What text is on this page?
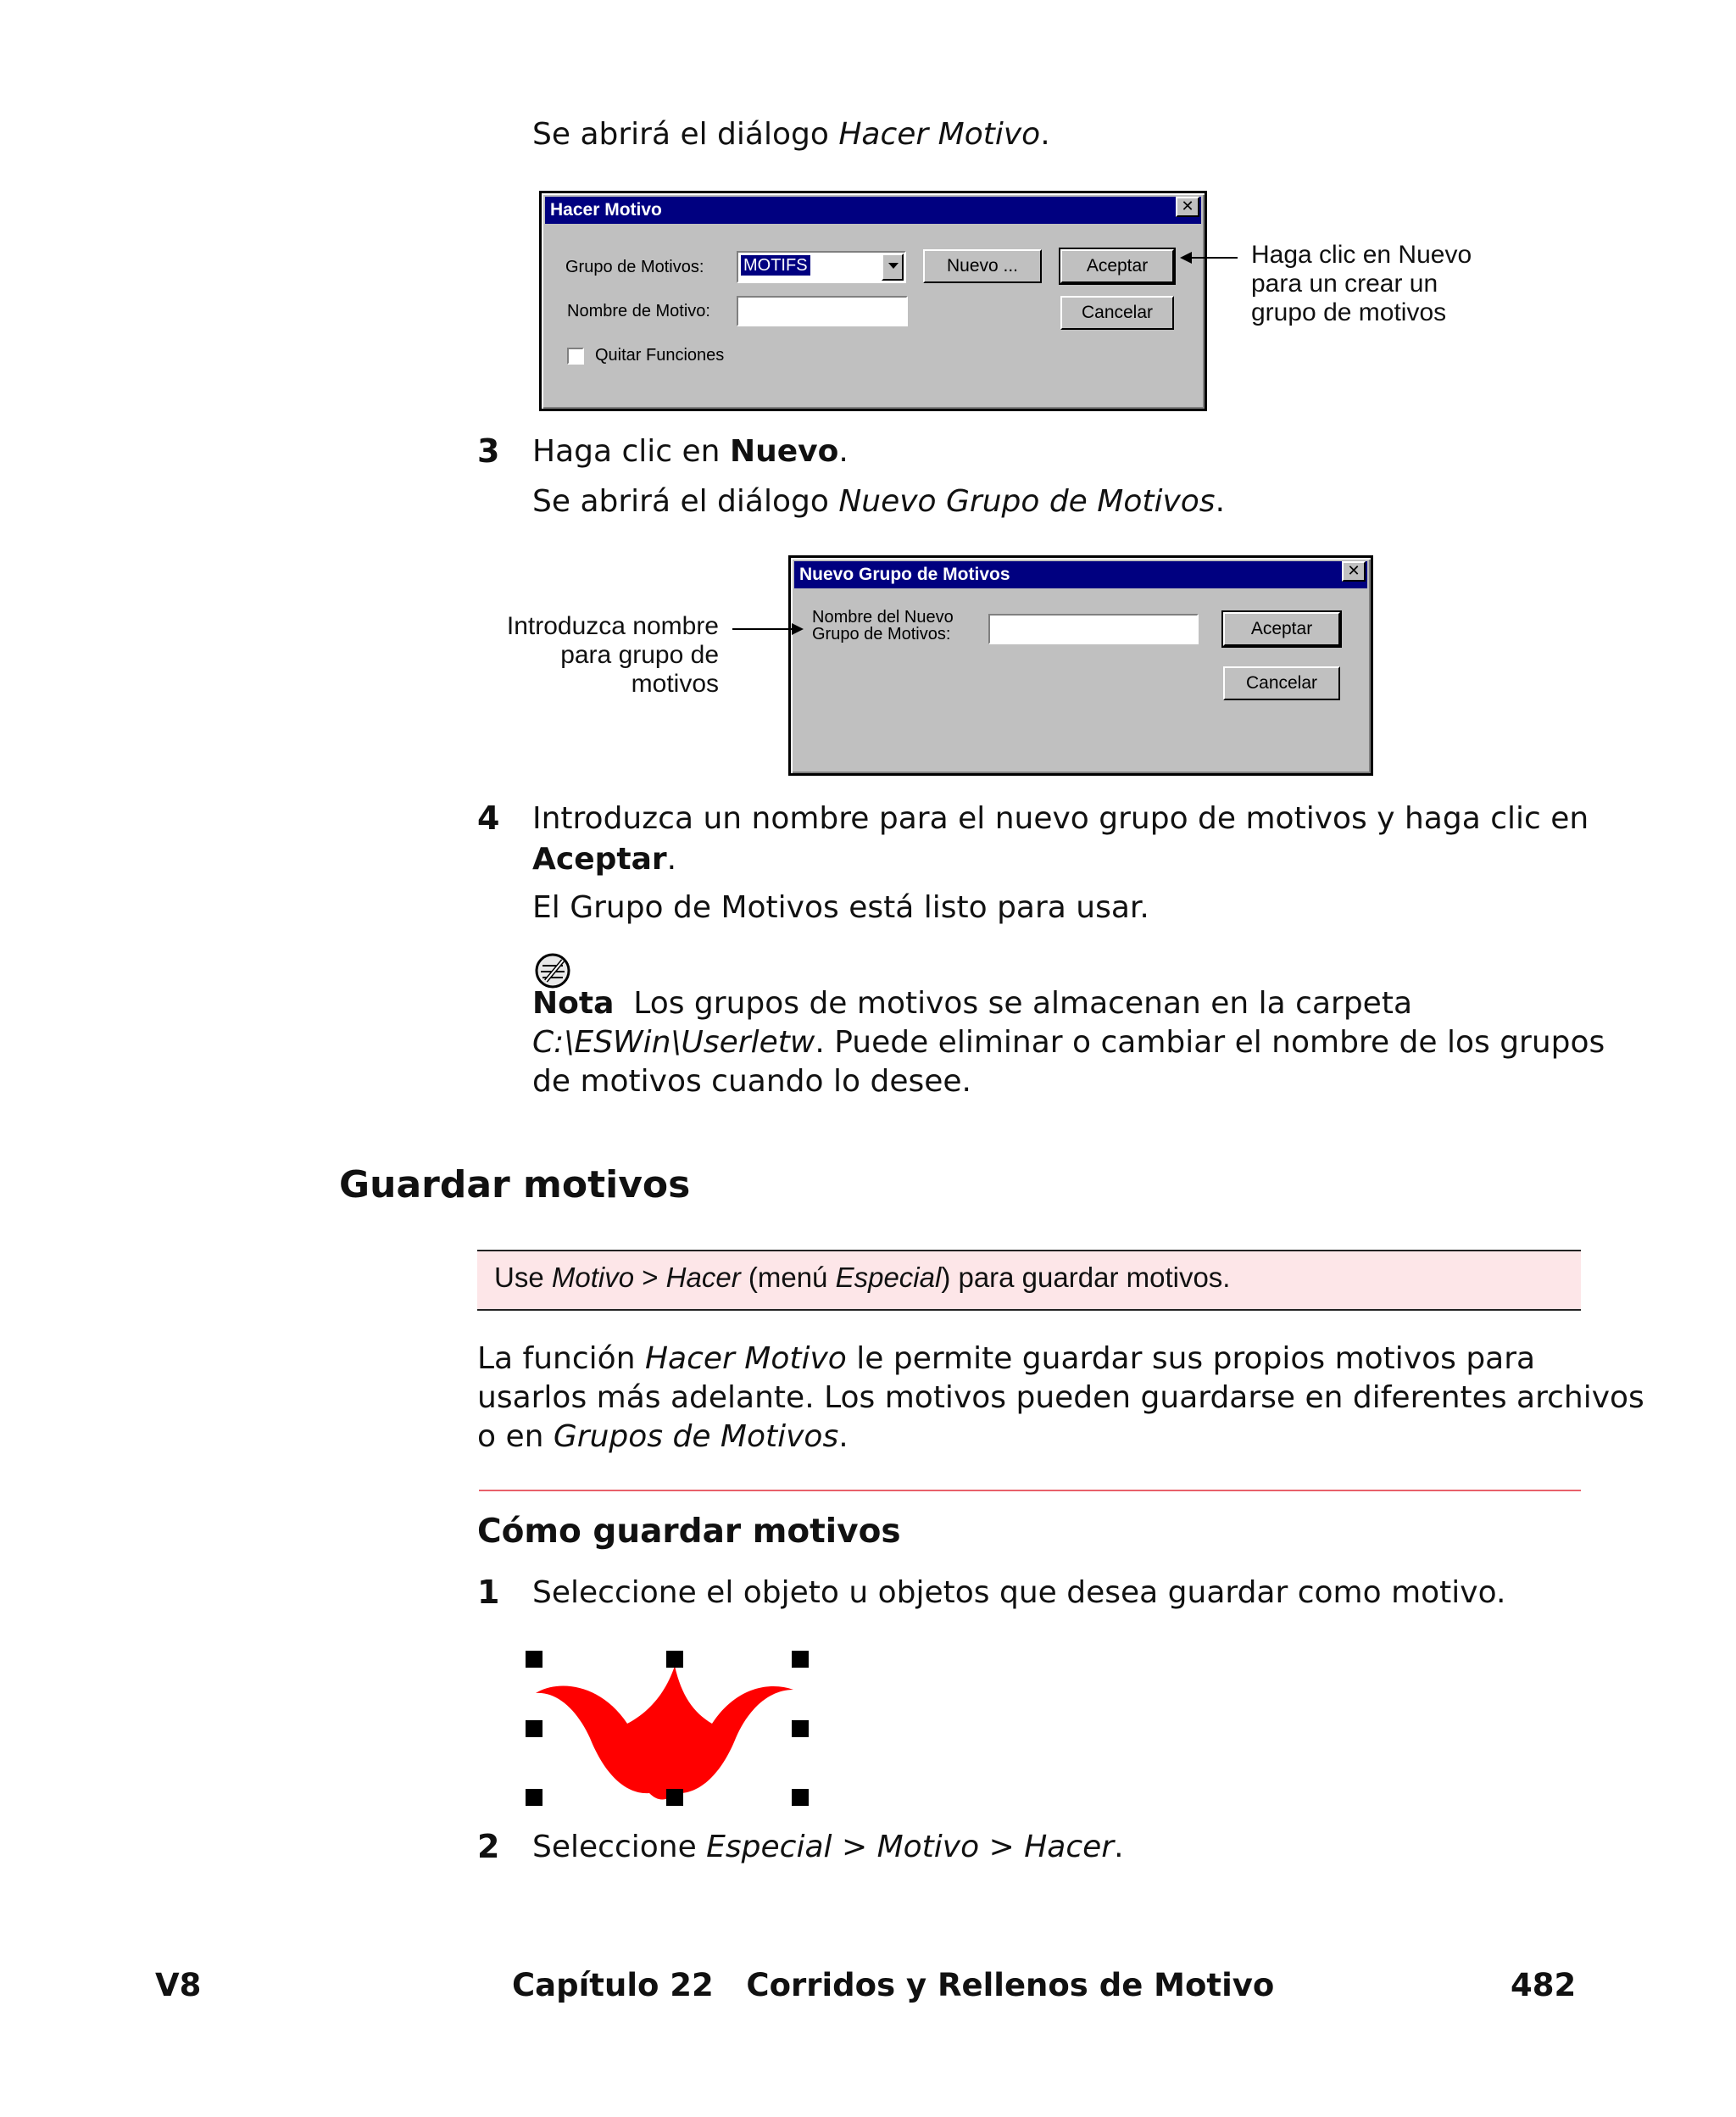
Se abrirá el diálogo Hacer Motivo.
Hacer Motivo	✕
Grupo de Motivos: MOTIFS	Nuevo ...	Aceptar
Nombre de Motivo:	Cancelar
Quitar Funciones
Haga clic en Nuevo
para un crear un
grupo de motivos
3 Haga clic en Nuevo.
Se abrirá el diálogo Nuevo Grupo de Motivos.
Nuevo Grupo de Motivos	✕
Nombre del Nuevo
Grupo de Motivos:	Aceptar
Cancelar
Introduzca nombre
para grupo de
motivos
4 Introduzca un nombre para el nuevo grupo de motivos y haga clic en
Aceptar.
El Grupo de Motivos está listo para usar.
Nota Los grupos de motivos se almacenan en la carpeta
C:\ESWin\Userletw. Puede eliminar o cambiar el nombre de los grupos
de motivos cuando lo desee.
Guardar motivos
Use Motivo > Hacer (menú Especial) para guardar motivos.
La función Hacer Motivo le permite guardar sus propios motivos para
usarlos más adelante. Los motivos pueden guardarse en diferentes archivos
o en Grupos de Motivos.
Cómo guardar motivos
1 Seleccione el objeto u objetos que desea guardar como motivo.
2 Seleccione Especial > Motivo > Hacer.
V8	Capítulo 22   Corridos y Rellenos de Motivo	482
